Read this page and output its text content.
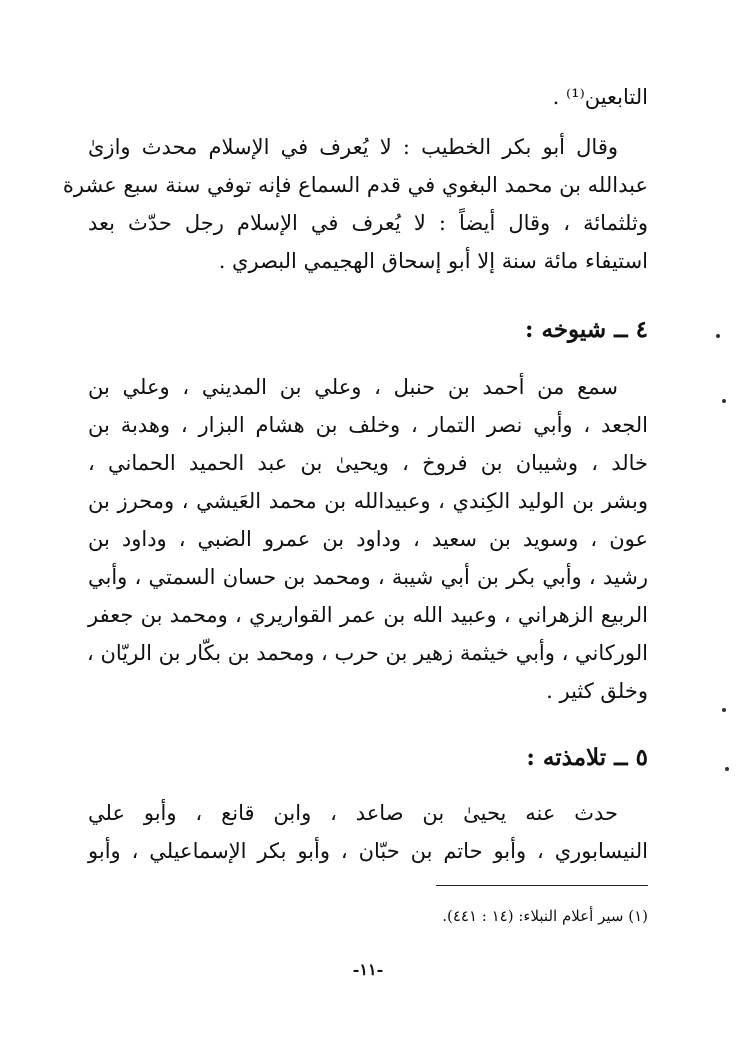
التابعين⁽¹⁾ .
وقال أبو بكر الخطيب : لا يُعرف في الإسلام محدث وازىٰ
عبدالله بن محمد البغوي في قدم السماع فإنه توفي سنة سبع عشرة
وثلثمائة ، وقال أيضاً : لا يُعرف في الإسلام رجل حدّث بعد
استيفاء مائة سنة إلا أبو إسحاق الهجيمي البصري .
٤ ــ شيوخه :
سمع من أحمد بن حنبل ، وعلي بن المديني ، وعلي بن
الجعد ، وأبي نصر التمار ، وخلف بن هشام البزار ، وهدبة بن
خالد ، وشيبان بن فروخ ، ويحيىٰ بن عبد الحميد الحماني ،
وبشر بن الوليد الكِندي ، وعبيدالله بن محمد العَيشي ، ومحرز بن
عون ، وسويد بن سعيد ، وداود بن عمرو الضبي ، وداود بن
رشيد ، وأبي بكر بن أبي شيبة ، ومحمد بن حسان السمتي ، وأبي
الربيع الزهراني ، وعبيد الله بن عمر القواريري ، ومحمد بن جعفر
الوركاني ، وأبي خيثمة زهير بن حرب ، ومحمد بن بكّار بن الريّان ،
وخلق كثير .
٥ ــ تلامذته :
حدث عنه يحيىٰ بن صاعد ، وابن قانع ، وأبو علي
النيسابوري ، وأبو حاتم بن حبّان ، وأبو بكر الإسماعيلي ، وأبو
(١) سير أعلام النبلاء: (١٤ : ٤٤١).
-١١-
